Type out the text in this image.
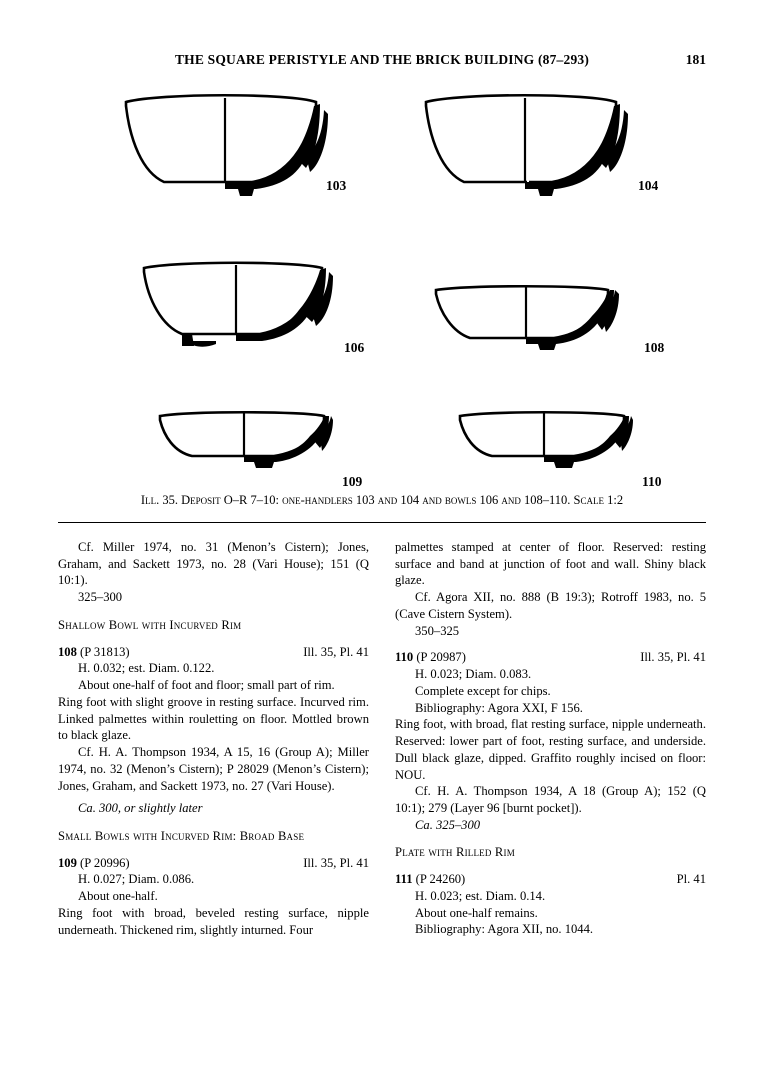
THE SQUARE PERISTYLE AND THE BRICK BUILDING (87–293)	181
103	104
106	108
109	110
Ill. 35. Deposit O–R 7–10: one-handlers 103 and 104 and bowls 106 and 108–110. Scale 1:2

Cf. Miller 1974, no. 31 (Menon’s Cistern); Jones, Graham, and Sackett 1973, no. 28 (Vari House); 151 (Q 10:1).

325–300

Shallow Bowl with Incurved Rim
108 (P 31813)	Ill. 35, Pl. 41

H. 0.032; est. Diam. 0.122.

About one-half of foot and floor; small part of rim.

Ring foot with slight groove in resting surface. Incurved rim. Linked palmettes within rouletting on floor. Mottled brown to black glaze.

Cf. H. A. Thompson 1934, A 15, 16 (Group A); Miller 1974, no. 32 (Menon’s Cistern); P 28029 (Menon’s Cistern); Jones, Graham, and Sackett 1973, no. 27 (Vari House).

Ca. 300, or slightly later

Small Bowls with Incurved Rim: Broad Base
109 (P 20996)	Ill. 35, Pl. 41

H. 0.027; Diam. 0.086.

About one-half.

Ring foot with broad, beveled resting surface, nipple underneath. Thickened rim, slightly inturned. Four

palmettes stamped at center of floor. Reserved: resting surface and band at junction of foot and wall. Shiny black glaze.

Cf. Agora XII, no. 888 (B 19:3); Rotroff 1983, no. 5 (Cave Cistern System).

350–325

110 (P 20987)	Ill. 35, Pl. 41

H. 0.023; Diam. 0.083.

Complete except for chips.

Bibliography: Agora XXI, F 156.

Ring foot, with broad, flat resting surface, nipple underneath. Reserved: lower part of foot, resting surface, and underside. Dull black glaze, dipped. Graffito roughly incised on floor: NOU.

Cf. H. A. Thompson 1934, A 18 (Group A); 152 (Q 10:1); 279 (Layer 96 [burnt pocket]).

Ca. 325–300

Plate with Rilled Rim
111 (P 24260)	Pl. 41

H. 0.023; est. Diam. 0.14.

About one-half remains.

Bibliography: Agora XII, no. 1044.
